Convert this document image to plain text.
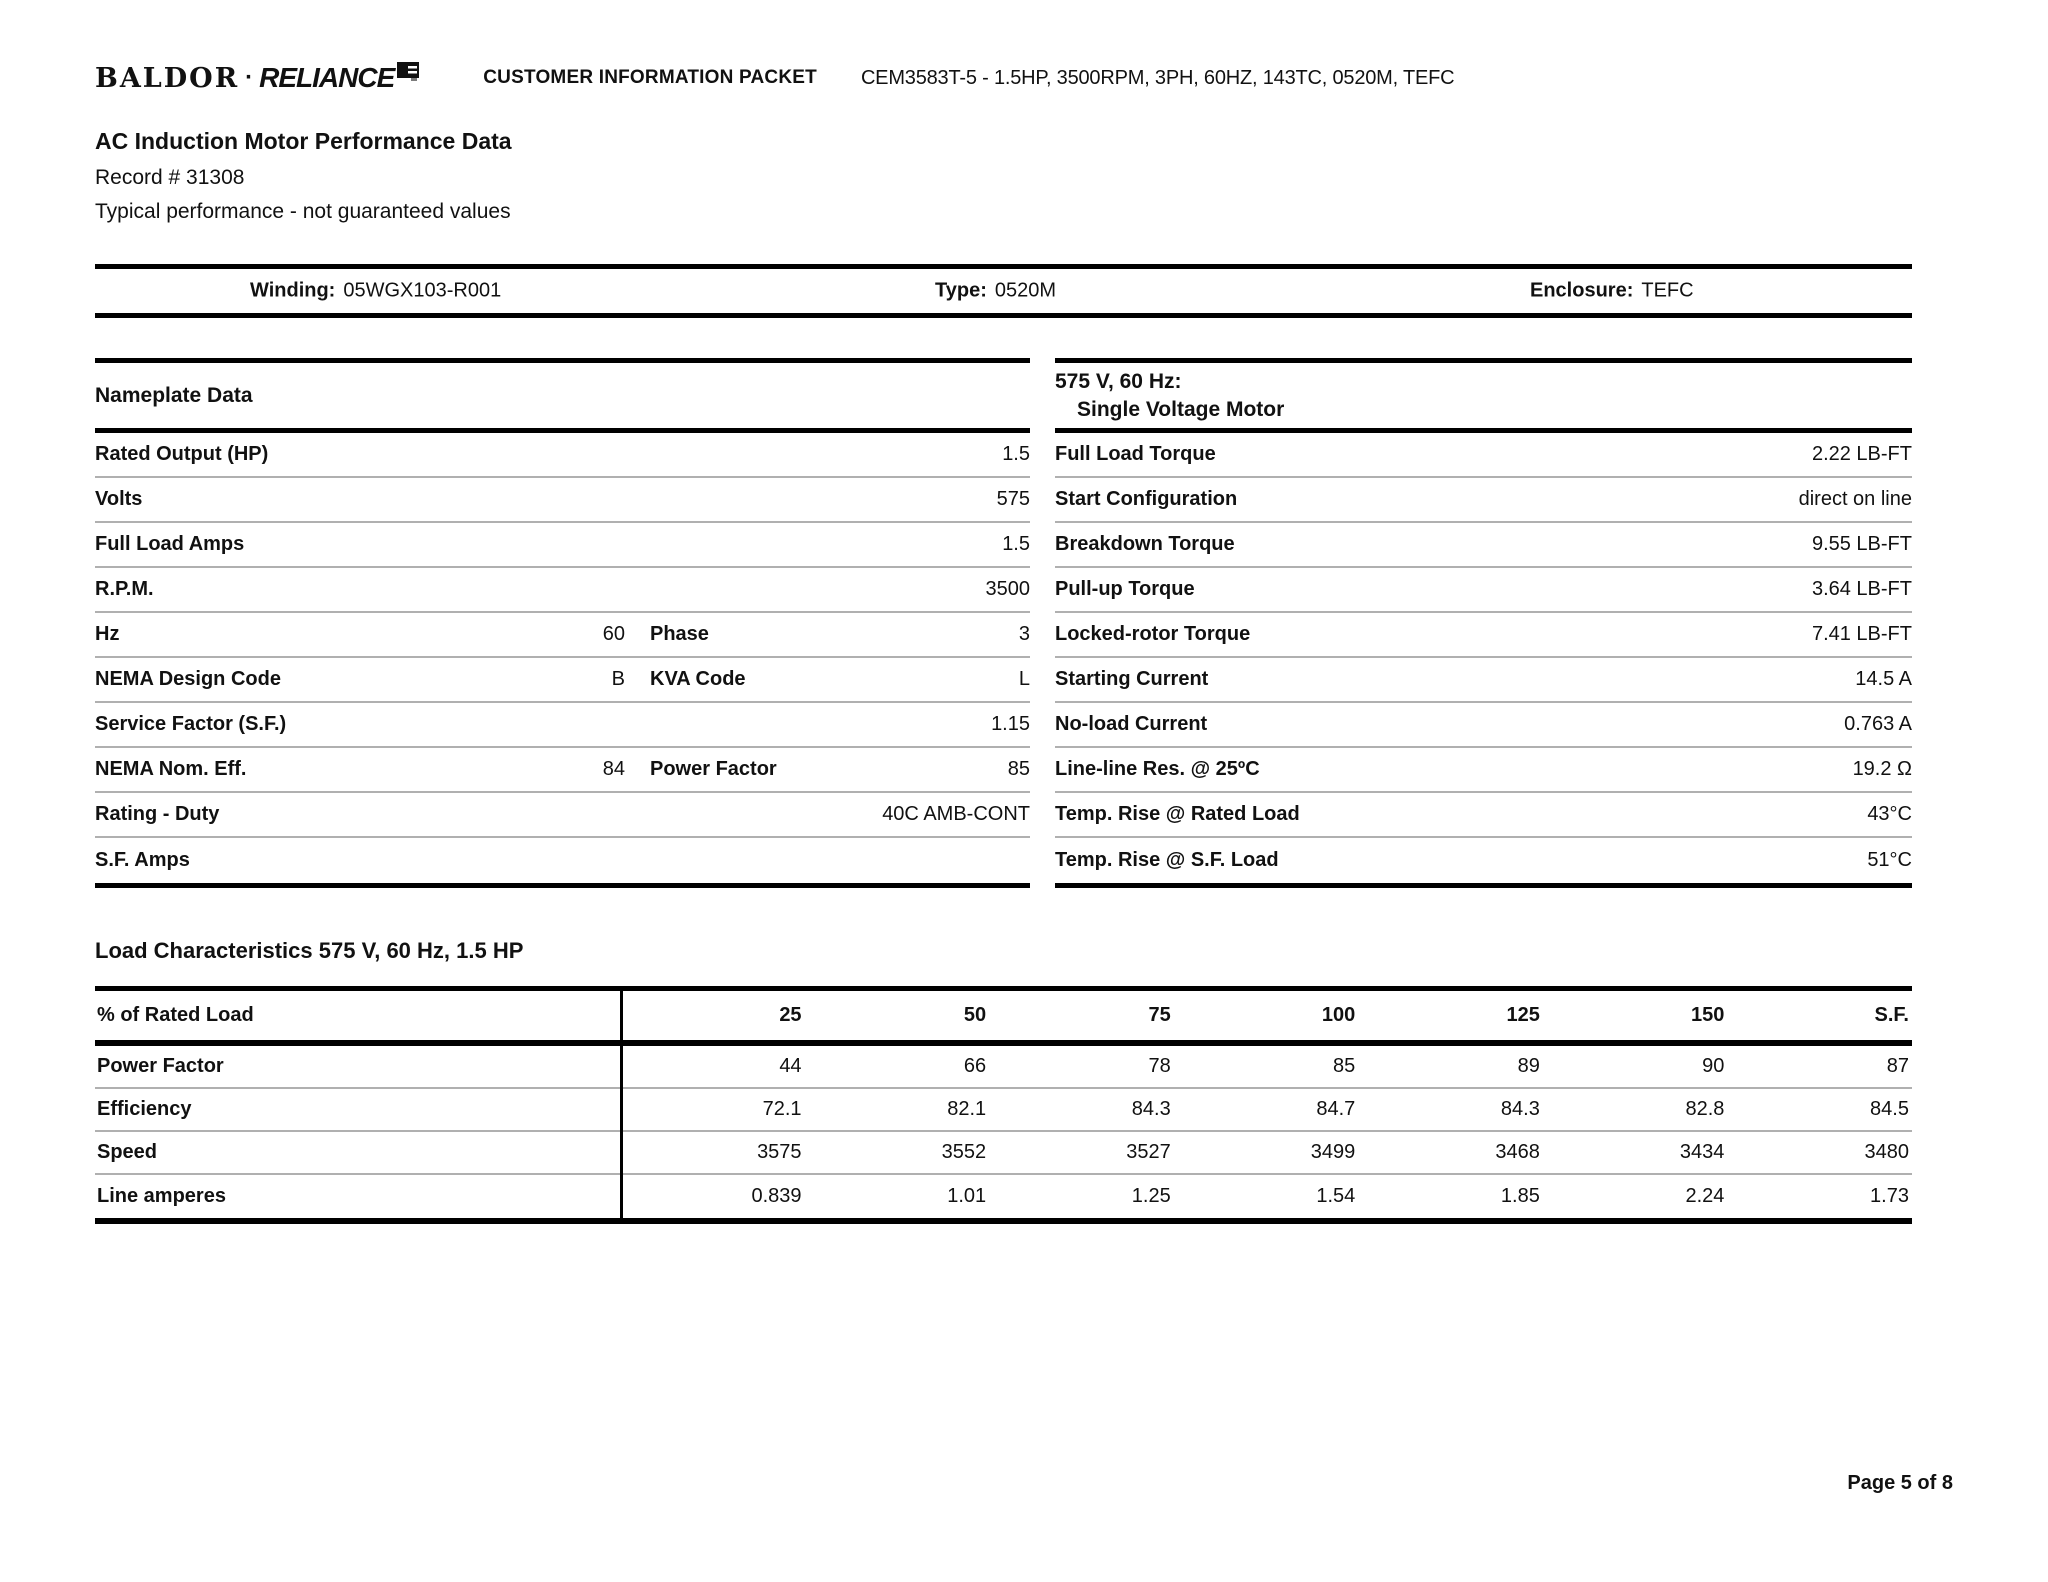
BALDOR · RELIANCE	CUSTOMER INFORMATION PACKET CEM3583T-5 - 1.5HP, 3500RPM, 3PH, 60HZ, 143TC, 0520M, TEFC
AC Induction Motor Performance Data
Record # 31308
Typical performance - not guaranteed values
Winding: 05WGX103-R001	Type: 0520M	Enclosure: TEFC
Nameplate Data
Rated Output (HP)	1.5
Volts	575
Full Load Amps	1.5
R.P.M.	3500
Hz	60 Phase	3
NEMA Design Code	B KVA Code	L
Service Factor (S.F.)	1.15
NEMA Nom. Eff.	84 Power Factor	85
Rating - Duty	40C AMB-CONT
S.F. Amps
575 V, 60 Hz:
Single Voltage Motor
Full Load Torque	2.22 LB-FT
Start Configuration	direct on line
Breakdown Torque	9.55 LB-FT
Pull-up Torque	3.64 LB-FT
Locked-rotor Torque	7.41 LB-FT
Starting Current	14.5 A
No-load Current	0.763 A
Line-line Res. @ 25ºC	19.2 Ω
Temp. Rise @ Rated Load	43°C
Temp. Rise @ S.F. Load	51°C
Load Characteristics 575 V, 60 Hz, 1.5 HP
% of Rated Load	25	50	75	100	125	150	S.F.
Power Factor	44	66	78	85	89	90	87
Efficiency	72.1	82.1	84.3	84.7	84.3	82.8	84.5
Speed	3575	3552	3527	3499	3468	3434	3480
Line amperes	0.839	1.01	1.25	1.54	1.85	2.24	1.73
Page 5 of 8
